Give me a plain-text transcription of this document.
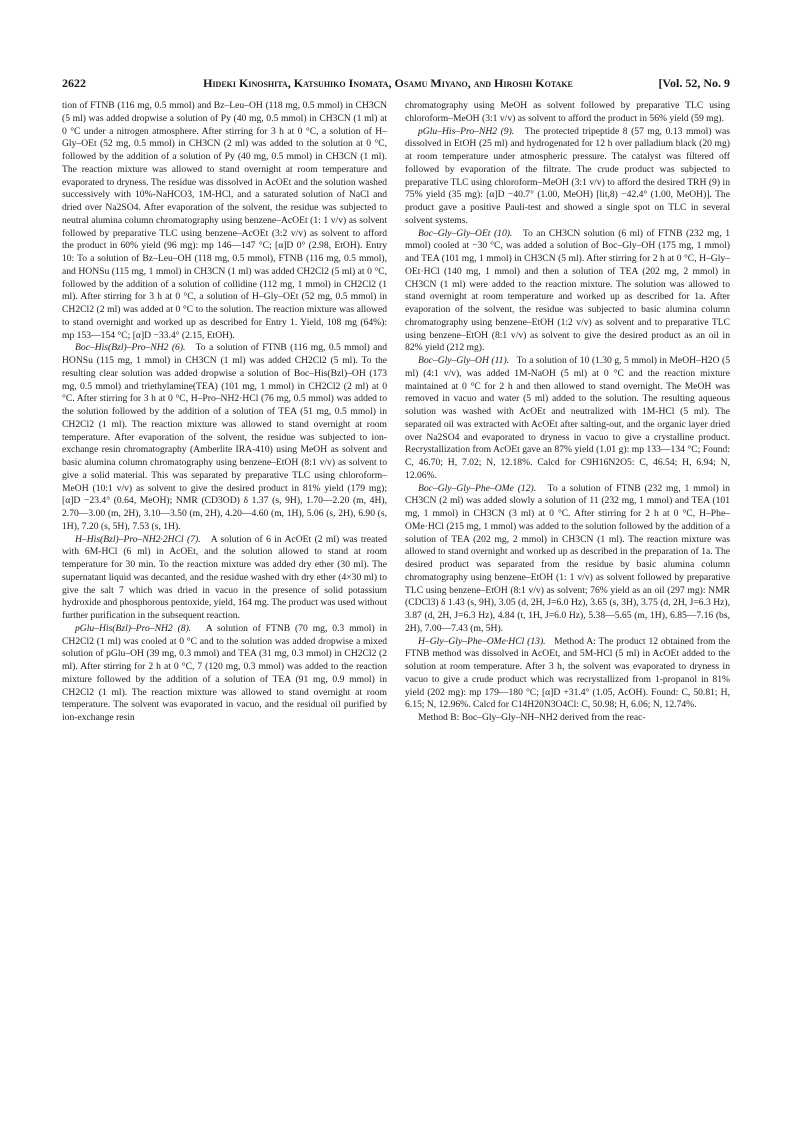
2622	Hideki Kinoshita, Katsuhiko Inomata, Osamu Miyano, and Hiroshi Kotake	[Vol. 52, No. 9

tion of FTNB (116 mg, 0.5 mmol) and Bz–Leu–OH (118 mg, 0.5 mmol) in CH3CN (5 ml) was added dropwise a solution of Py (40 mg, 0.5 mmol) in CH3CN (1 ml) at 0 °C under a nitrogen atmosphere. After stirring for 3 h at 0 °C, a solution of H–Gly–OEt (52 mg, 0.5 mmol) in CH3CN (2 ml) was added to the solution at 0 °C, followed by the addition of a solution of Py (40 mg, 0.5 mmol) in CH3CN (1 ml). The reaction mixture was allowed to stand overnight at room temperature and evaporated to dryness. The residue was dissolved in AcOEt and the solution washed successively with 10%-NaHCO3, 1M-HCl, and a saturated solution of NaCl and dried over Na2SO4. After evaporation of the solvent, the residue was subjected to neutral alumina column chromatography using benzene–AcOEt (1: 1 v/v) as solvent followed by preparative TLC using benzene–AcOEt (3:2 v/v) as solvent to afford the product in 60% yield (96 mg): mp 146—147 °C; [α]D 0° (2.98, EtOH). Entry 10: To a solution of Bz–Leu–OH (118 mg, 0.5 mmol), FTNB (116 mg, 0.5 mmol), and HONSu (115 mg, 1 mmol) in CH3CN (1 ml) was added CH2Cl2 (5 ml) at 0 °C, followed by the addition of a solution of collidine (112 mg, 1 mmol) in CH2Cl2 (1 ml). After stirring for 3 h at 0 °C, a solution of H–Gly–OEt (52 mg, 0.5 mmol) in CH2Cl2 (2 ml) was added at 0 °C to the solution. The reaction mixture was allowed to stand overnight and worked up as described for Entry 1. Yield, 108 mg (64%): mp 153—154 °C; [α]D −33.4° (2.15, EtOH).

Boc–His(Bzl)–Pro–NH2 (6). To a solution of FTNB (116 mg, 0.5 mmol) and HONSu (115 mg, 1 mmol) in CH3CN (1 ml) was added CH2Cl2 (5 ml). To the resulting clear solution was added dropwise a solution of Boc–His(Bzl)–OH (173 mg, 0.5 mmol) and triethylamine(TEA) (101 mg, 1 mmol) in CH2Cl2 (2 ml) at 0 °C. After stirring for 3 h at 0 °C, H–Pro–NH2·HCl (76 mg, 0.5 mmol) was added to the solution followed by the addition of a solution of TEA (51 mg, 0.5 mmol) in CH2Cl2 (1 ml). The reaction mixture was allowed to stand overnight at room temperature. After evaporation of the solvent, the residue was subjected to ion-exchange resin chromatography (Amberlite IRA-410) using MeOH as solvent and basic alumina column chromatography using benzene–EtOH (8:1 v/v) as solvent to give a solid material. This was separated by preparative TLC using chloroform–MeOH (10:1 v/v) as solvent to give the desired product in 81% yield (179 mg); [α]D −23.4° (0.64, MeOH); NMR (CD3OD) δ 1.37 (s, 9H), 1.70—2.20 (m, 4H), 2.70—3.00 (m, 2H), 3.10—3.50 (m, 2H), 4.20—4.60 (m, 1H), 5.06 (s, 2H), 6.90 (s, 1H), 7.20 (s, 5H), 7.53 (s, 1H).

H–His(Bzl)–Pro–NH2·2HCl (7). A solution of 6 in AcOEt (2 ml) was treated with 6M-HCl (6 ml) in AcOEt, and the solution allowed to stand at room temperature for 30 min. To the reaction mixture was added dry ether (30 ml). The supernatant liquid was decanted, and the residue washed with dry ether (4×30 ml) to give the salt 7 which was dried in vacuo in the presence of solid potassium hydroxide and phosphorous pentoxide, yield, 164 mg. The product was used without further purification in the subsequent reaction.

pGlu–His(Bzl)–Pro–NH2 (8). A solution of FTNB (70 mg, 0.3 mmol) in CH2Cl2 (1 ml) was cooled at 0 °C and to the solution was added dropwise a mixed solution of pGlu–OH (39 mg, 0.3 mmol) and TEA (31 mg, 0.3 mmol) in CH2Cl2 (2 ml). After stirring for 2 h at 0 °C, 7 (120 mg, 0.3 mmol) was added to the reaction mixture followed by the addition of a solution of TEA (91 mg, 0.9 mmol) in CH2Cl2 (1 ml). The reaction mixture was allowed to stand overnight at room temperature. The solvent was evaporated in vacuo, and the residual oil purified by ion-exchange resin

chromatography using MeOH as solvent followed by preparative TLC using chloroform–MeOH (3:1 v/v) as solvent to afford the product in 56% yield (59 mg).

pGlu–His–Pro–NH2 (9). The protected tripeptide 8 (57 mg, 0.13 mmol) was dissolved in EtOH (25 ml) and hydrogenated for 12 h over palladium black (20 mg) at room temperature under atmospheric pressure. The catalyst was filtered off followed by evaporation of the filtrate. The crude product was subjected to preparative TLC using chloroform–MeOH (3:1 v/v) to afford the desired TRH (9) in 75% yield (35 mg): [α]D −40.7° (1.00, MeOH) [lit,8) −42.4° (1.00, MeOH)]. The product gave a positive Pauli-test and showed a single spot on TLC in several solvent systems.

Boc–Gly–Gly–OEt (10). To an CH3CN solution (6 ml) of FTNB (232 mg, 1 mmol) cooled at −30 °C, was added a solution of Boc–Gly–OH (175 mg, 1 mmol) and TEA (101 mg, 1 mmol) in CH3CN (5 ml). After stirring for 2 h at 0 °C, H–Gly–OEt·HCl (140 mg, 1 mmol) and then a solution of TEA (202 mg, 2 mmol) in CH3CN (1 ml) were added to the reaction mixture. The solution was allowed to stand overnight at room temperature and worked up as described for 1a. After evaporation of the solvent, the residue was subjected to basic alumina column chromatography using benzene–EtOH (1:2 v/v) as solvent and to preparative TLC using benzene–EtOH (8:1 v/v) as solvent to give the desired product as an oil in 82% yield (212 mg).

Boc–Gly–Gly–OH (11). To a solution of 10 (1.30 g, 5 mmol) in MeOH–H2O (5 ml) (4:1 v/v), was added 1M-NaOH (5 ml) at 0 °C and the reaction mixture maintained at 0 °C for 2 h and then allowed to stand overnight. The MeOH was removed in vacuo and water (5 ml) added to the solution. The resulting aqueous solution was washed with AcOEt and neutralized with 1M-HCl (5 ml). The separated oil was extracted with AcOEt after salting-out, and the organic layer dried over Na2SO4 and evaporated to dryness in vacuo to give a crystalline product. Recrystallization from AcOEt gave an 87% yield (1.01 g): mp 133—134 °C; Found: C, 46.70; H, 7.02; N, 12.18%. Calcd for C9H16N2O5: C, 46.54; H, 6.94; N, 12.06%.

Boc–Gly–Gly–Phe–OMe (12). To a solution of FTNB (232 mg, 1 mmol) in CH3CN (2 ml) was added slowly a solution of 11 (232 mg, 1 mmol) and TEA (101 mg, 1 mmol) in CH3CN (3 ml) at 0 °C. After stirring for 2 h at 0 °C, H–Phe–OMe·HCl (215 mg, 1 mmol) was added to the solution followed by the addition of a solution of TEA (202 mg, 2 mmol) in CH3CN (1 ml). The reaction mixture was allowed to stand overnight and worked up as described in the preparation of 1a. The desired product was separated from the residue by basic alumina column chromatography using benzene–EtOH (1: 1 v/v) as solvent followed by preparative TLC using benzene–EtOH (8:1 v/v) as solvent; 76% yield as an oil (297 mg): NMR (CDCl3) δ 1.43 (s, 9H), 3.05 (d, 2H, J=6.0 Hz), 3.65 (s, 3H), 3.75 (d, 2H, J=6.3 Hz), 3.87 (d, 2H, J=6.3 Hz), 4.84 (t, 1H, J=6.0 Hz), 5.38—5.65 (m, 1H), 6.85—7.16 (bs, 2H), 7.00—7.43 (m, 5H).

H–Gly–Gly–Phe–OMe·HCl (13). Method A: The product 12 obtained from the FTNB method was dissolved in AcOEt, and 5M-HCl (5 ml) in AcOEt added to the solution at room temperature. After 3 h, the solvent was evaporated to dryness in vacuo to give a crude product which was recrystallized from 1-propanol in 81% yield (202 mg): mp 179—180 °C; [α]D +31.4° (1.05, AcOH). Found: C, 50.81; H, 6.15; N, 12.96%. Calcd for C14H20N3O4Cl: C, 50.98; H, 6.06; N, 12.74%.

Method B: Boc–Gly–Gly–NH–NH2 derived from the reac-
